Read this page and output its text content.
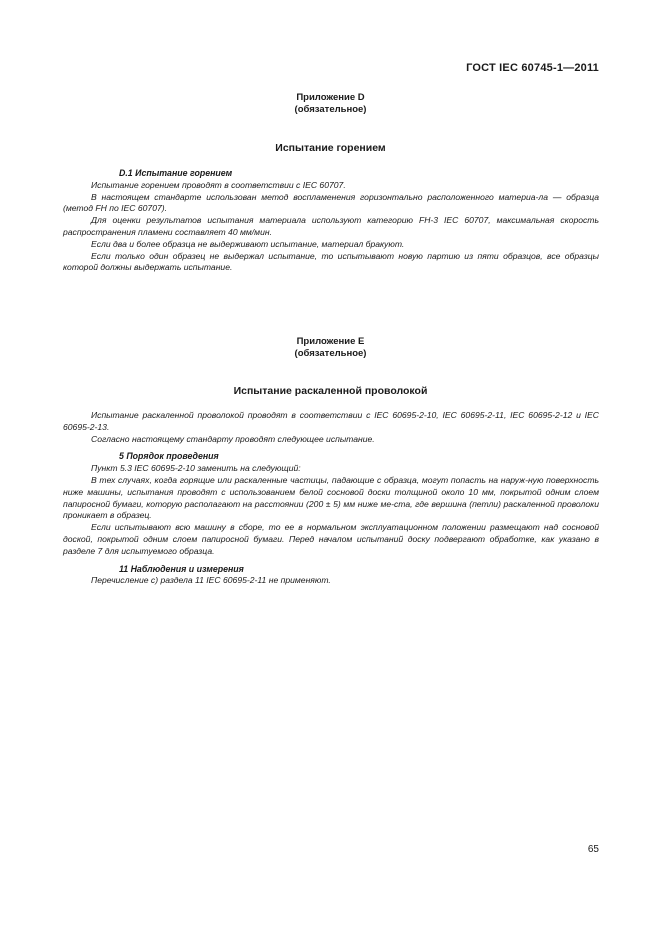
ГОСТ IEC 60745-1—2011
Приложение D
(обязательное)
Испытание горением

D.1 Испытание горением

Испытание горением проводят в соответствии с IEC 60707.

В настоящем стандарте использован метод воспламенения горизонтально расположенного материа-ла — образца (метод FH по IEC 60707).

Для оценки результатов испытания материала используют категорию FH-3 IEC 60707, максимальная скорость распространения пламени составляет 40 мм/мин.

Если два и более образца не выдерживают испытание, материал бракуют.

Если только один образец не выдержал испытание, то испытывают новую партию из пяти образцов, все образцы которой должны выдержать испытание.

Приложение E
(обязательное)
Испытание раскаленной проволокой

Испытание раскаленной проволокой проводят в соответствии с IEC 60695-2-10, IEC 60695-2-11, IEC 60695-2-12 и IEC 60695-2-13.

Согласно настоящему стандарту проводят следующее испытание.

5 Порядок проведения

Пункт 5.3 IEC 60695-2-10 заменить на следующий:

В тех случаях, когда горящие или раскаленные частицы, падающие с образца, могут попасть на наруж-ную поверхность ниже машины, испытания проводят с использованием белой сосновой доски толщиной около 10 мм, покрытой одним слоем папиросной бумаги, которую располагают на расстоянии (200 ± 5) мм ниже ме-ста, где вершина (петли) раскаленной проволоки проникает в образец.

Если испытывают всю машину в сборе, то ее в нормальном эксплуатационном положении размещают над сосновой доской, покрытой одним слоем папиросной бумаги. Перед началом испытаний доску подвергают обработке, как указано в разделе 7 для испытуемого образца.

11 Наблюдения и измерения

Перечисление с) раздела 11 IEC 60695-2-11 не применяют.

65
